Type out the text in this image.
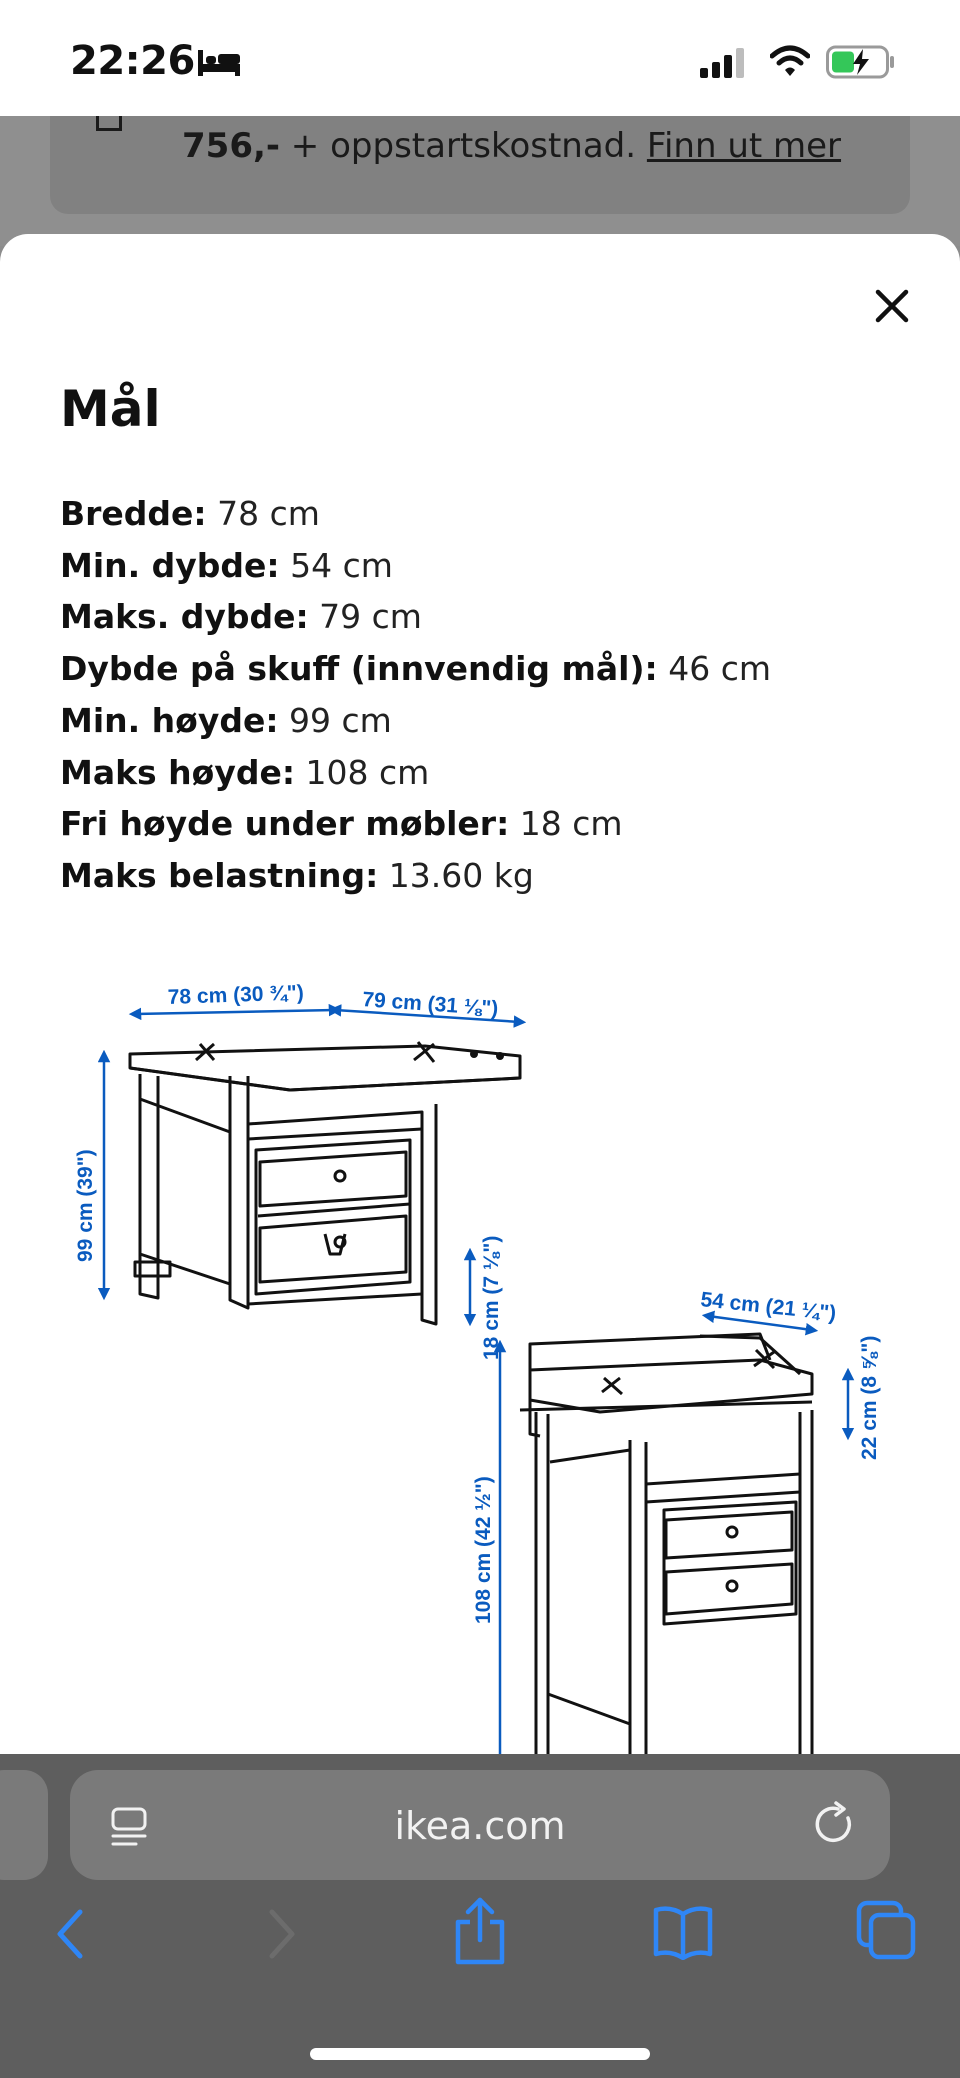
22:26
756,- + oppstartskostnad. Finn ut mer
Mål
Bredde: 78 cm
Min. dybde: 54 cm
Maks. dybde: 79 cm
Dybde på skuff (innvendig mål): 46 cm
Min. høyde: 99 cm
Maks høyde: 108 cm
Fri høyde under møbler: 18 cm
Maks belastning: 13.60 kg
78 cm (30 ¾")	79 cm (31 ⅛")
99 cm (39")
18 cm (7 ⅛")	54 cm (21 ¼")
22 cm (8 ⅝")
108 cm (42 ½")
ikea.com
